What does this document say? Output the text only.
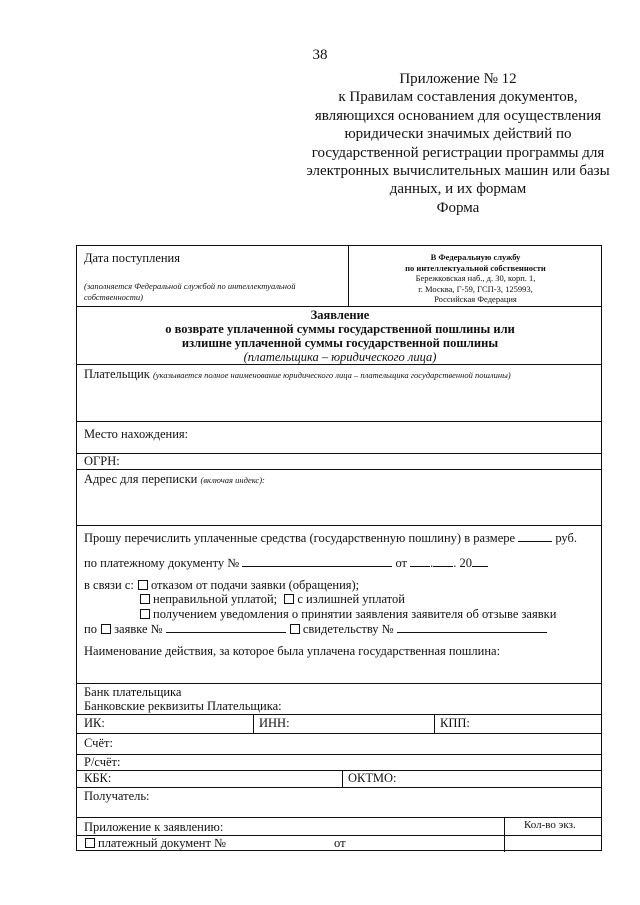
38
Приложение № 12
к Правилам составления документов,
являющихся основанием для осуществления
юридически значимых действий по
государственной регистрации программы для
электронных вычислительных машин или базы
данных, и их формам
Форма
Дата поступления
(заполняется Федеральной службой по интеллектуальной
собственности)
В Федеральную службу
по интеллектуальной собственности
Бережковская наб., д. 30, корп. 1,
г. Москва, Г-59, ГСП-3, 125993,
Российская Федерация
Заявление
о возврате уплаченной суммы государственной пошлины или
излишне уплаченной суммы государственной пошлины
(плательщика – юридического лица)
Плательщик (указывается полное наименование юридического лица – плательщика государственной пошлины)
Место нахождения:
ОГРН:
Адрес для переписки (включая индекс):
Прошу перечислить уплаченные средства (государственную пошлину) в размере	руб.
по платежному документу №	от . . 20
в связи с: отказом от подачи заявки (обращения);
неправильной уплатой; с излишней уплатой
получением уведомления о принятии заявления заявителя об отзыве заявки
по заявке №	свидетельству №
Наименование действия, за которое была уплачена государственная пошлина:
Банк плательщика
Банковские реквизиты Плательщика:
ИК:	ИНН:	КПП:
Счёт:
Р/счёт:
КБК:	ОКТМО:
Получатель:
Приложение к заявлению:	Кол-во экз.
платежный документ №	от
